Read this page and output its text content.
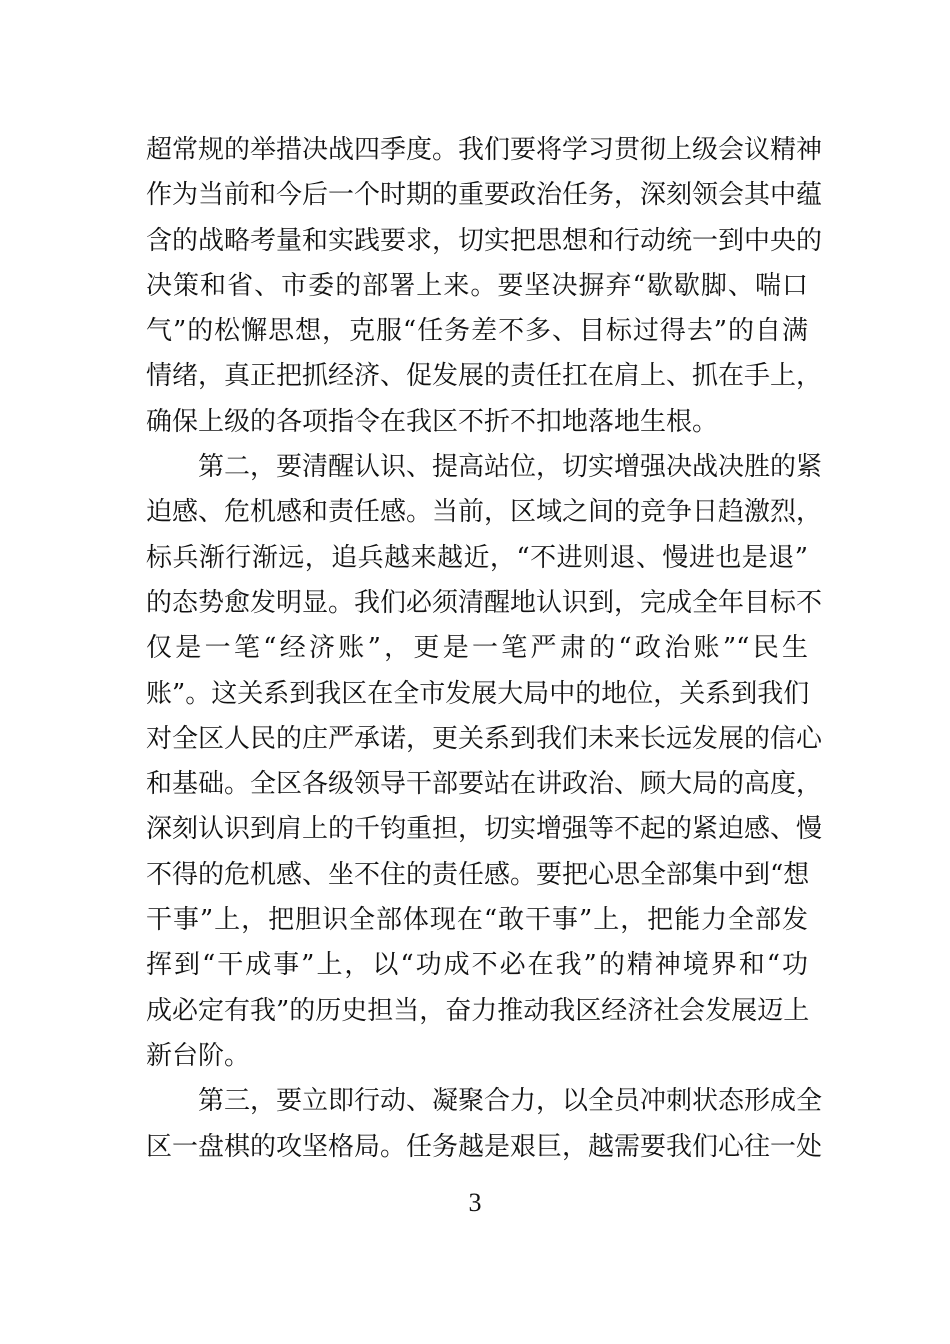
超常规的举措决战四季度。我们要将学习贯彻上级会议精神
作为当前和今后一个时期的重要政治任务，深刻领会其中蕴
含的战略考量和实践要求，切实把思想和行动统一到中央的
决策和省、市委的部署上来。要坚决摒弃“歇歇脚、喘口
气”的松懈思想，克服“任务差不多、目标过得去”的自满
情绪，真正把抓经济、促发展的责任扛在肩上、抓在手上，
确保上级的各项指令在我区不折不扣地落地生根。
第二，要清醒认识、提高站位，切实增强决战决胜的紧
迫感、危机感和责任感。当前，区域之间的竞争日趋激烈，
标兵渐行渐远，追兵越来越近，“不进则退、慢进也是退”
的态势愈发明显。我们必须清醒地认识到，完成全年目标不
仅是一笔“经济账”，更是一笔严肃的“政治账”“民生
账”。这关系到我区在全市发展大局中的地位，关系到我们
对全区人民的庄严承诺，更关系到我们未来长远发展的信心
和基础。全区各级领导干部要站在讲政治、顾大局的高度，
深刻认识到肩上的千钧重担，切实增强等不起的紧迫感、慢
不得的危机感、坐不住的责任感。要把心思全部集中到“想
干事”上，把胆识全部体现在“敢干事”上，把能力全部发
挥到“干成事”上，以“功成不必在我”的精神境界和“功
成必定有我”的历史担当，奋力推动我区经济社会发展迈上
新台阶。
第三，要立即行动、凝聚合力，以全员冲刺状态形成全
区一盘棋的攻坚格局。任务越是艰巨，越需要我们心往一处
3
